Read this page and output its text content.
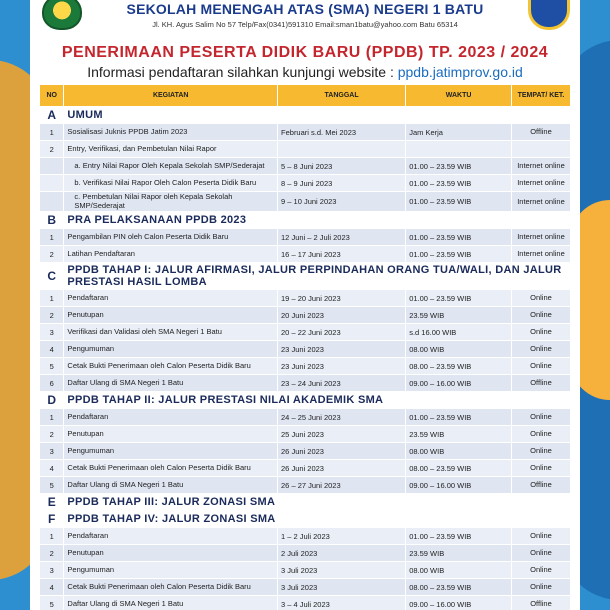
SEKOLAH MENENGAH ATAS (SMA) NEGERI 1 BATU
Jl. KH. Agus Salim No 57 Telp/Fax(0341)591310 Email:sman1batu@yahoo.com Batu 65314
PENERIMAAN PESERTA DIDIK BARU (PPDB) TP. 2023 / 2024
Informasi pendaftaran silahkan kunjungi website : ppdb.jatimprov.go.id
NO	KEGIATAN	TANGGAL	WAKTU	TEMPAT/ KET.
A	UMUM			
1	Sosialisasi Juknis PPDB Jatim 2023	Februari s.d. Mei 2023	Jam Kerja	Offline
2	Entry, Verifikasi, dan Pembetulan Nilai Rapor			
	a. Entry Nilai Rapor Oleh Kepala Sekolah SMP/Sederajat	5 – 8 Juni 2023	01.00 – 23.59 WIB	Internet online
	b. Verifikasi Nilai Rapor Oleh Calon Peserta Didik Baru	8 – 9 Juni 2023	01.00 – 23.59 WIB	Internet online
	c. Pembetulan Nilai Rapor oleh Kepala Sekolah SMP/Sederajat	9 – 10 Juni 2023	01.00 – 23.59 WIB	Internet online
B	PRA PELAKSANAAN PPDB 2023			
1	Pengambilan PIN oleh Calon Peserta Didik Baru	12 Juni – 2 Juli 2023	01.00 – 23.59 WIB	Internet online
2	Latihan Pendaftaran	16 – 17 Juni 2023	01.00 – 23.59 WIB	Internet online
C	PPDB TAHAP I: JALUR AFIRMASI, JALUR PERPINDAHAN ORANG TUA/WALI, DAN JALUR PRESTASI HASIL LOMBA			
1	Pendaftaran	19 – 20 Juni 2023	01.00 – 23.59 WIB	Online
2	Penutupan	20 Juni 2023	23.59 WIB	Online
3	Verifikasi dan Validasi oleh SMA Negeri 1 Batu	20 – 22 Juni 2023	s.d 16.00 WIB	Online
4	Pengumuman	23 Juni 2023	08.00 WIB	Online
5	Cetak Bukti Penerimaan oleh Calon Peserta Didik Baru	23 Juni 2023	08.00 – 23.59 WIB	Online
6	Daftar Ulang di SMA Negeri 1 Batu	23 – 24 Juni 2023	09.00 – 16.00 WIB	Offline
D	PPDB TAHAP II: JALUR PRESTASI NILAI AKADEMIK SMA			
1	Pendaftaran	24 – 25 Juni 2023	01.00 – 23.59 WIB	Online
2	Penutupan	25 Juni 2023	23.59 WIB	Online
3	Pengumuman	26 Juni 2023	08.00 WIB	Online
4	Cetak Bukti Penerimaan oleh Calon Peserta Didik Baru	26 Juni 2023	08.00 – 23.59 WIB	Online
5	Daftar Ulang di SMA Negeri 1 Batu	26 – 27 Juni 2023	09.00 – 16.00 WIB	Offline
E	PPDB TAHAP III: JALUR ZONASI SMA			
F	PPDB TAHAP IV: JALUR ZONASI SMA			
1	Pendaftaran	1 – 2 Juli 2023	01.00 – 23.59 WIB	Online
2	Penutupan	2 Juli 2023	23.59 WIB	Online
3	Pengumuman	3 Juli 2023	08.00 WIB	Online
4	Cetak Bukti Penerimaan oleh Calon Peserta Didik Baru	3 Juli 2023	08.00 – 23.59 WIB	Online
5	Daftar Ulang di SMA Negeri 1 Batu	3 – 4 Juli 2023	09.00 – 16.00 WIB	Offline
